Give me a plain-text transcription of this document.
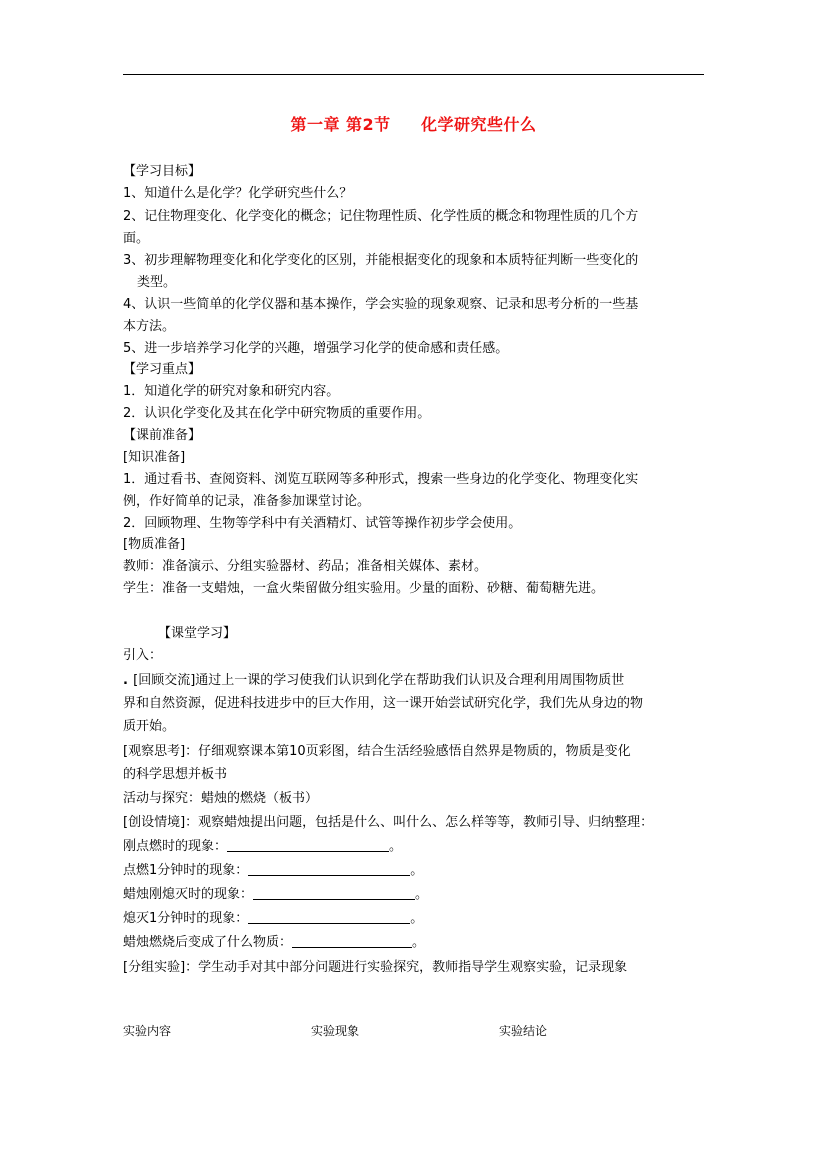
第一章 第2节 化学研究些什么
【学习目标】
1、知道什么是化学？化学研究些什么？
2、记住物理变化、化学变化的概念；记住物理性质、化学性质的概念和物理性质的几个方
面。
3、初步理解物理变化和化学变化的区别，并能根据变化的现象和本质特征判断一些变化的
类型。
4、认识一些简单的化学仪器和基本操作，学会实验的现象观察、记录和思考分析的一些基
本方法。
5、进一步培养学习化学的兴趣，增强学习化学的使命感和责任感。
【学习重点】
1．知道化学的研究对象和研究内容。
2．认识化学变化及其在化学中研究物质的重要作用。
【课前准备】
[知识准备]
1．通过看书、查阅资料、浏览互联网等多种形式，搜索一些身边的化学变化、物理变化实
例，作好简单的记录，准备参加课堂讨论。
2．回顾物理、生物等学科中有关酒精灯、试管等操作初步学会使用。
[物质准备]
教师：准备演示、分组实验器材、药品；准备相关媒体、素材。
学生：准备一支蜡烛，一盒火柴留做分组实验用。少量的面粉、砂糖、葡萄糖先进。
【课堂学习】
引入：
. [回顾交流]通过上一课的学习使我们认识到化学在帮助我们认识及合理利用周围物质世
界和自然资源，促进科技进步中的巨大作用，这一课开始尝试研究化学，我们先从身边的物
质开始。
[观察思考]：仔细观察课本第10页彩图，结合生活经验感悟自然界是物质的，物质是变化
的科学思想并板书
活动与探究：蜡烛的燃烧（板书）
[创设情境]：观察蜡烛提出问题，包括是什么、叫什么、怎么样等等，教师引导、归纳整理：
刚点燃时的现象：	。
点燃1分钟时的现象：	。
蜡烛刚熄灭时的现象：	。
熄灭1分钟时的现象：	。
蜡烛燃烧后变成了什么物质：	。
[分组实验]：学生动手对其中部分问题进行实验探究，教师指导学生观察实验，记录现象
实验内容	实验现象	实验结论
